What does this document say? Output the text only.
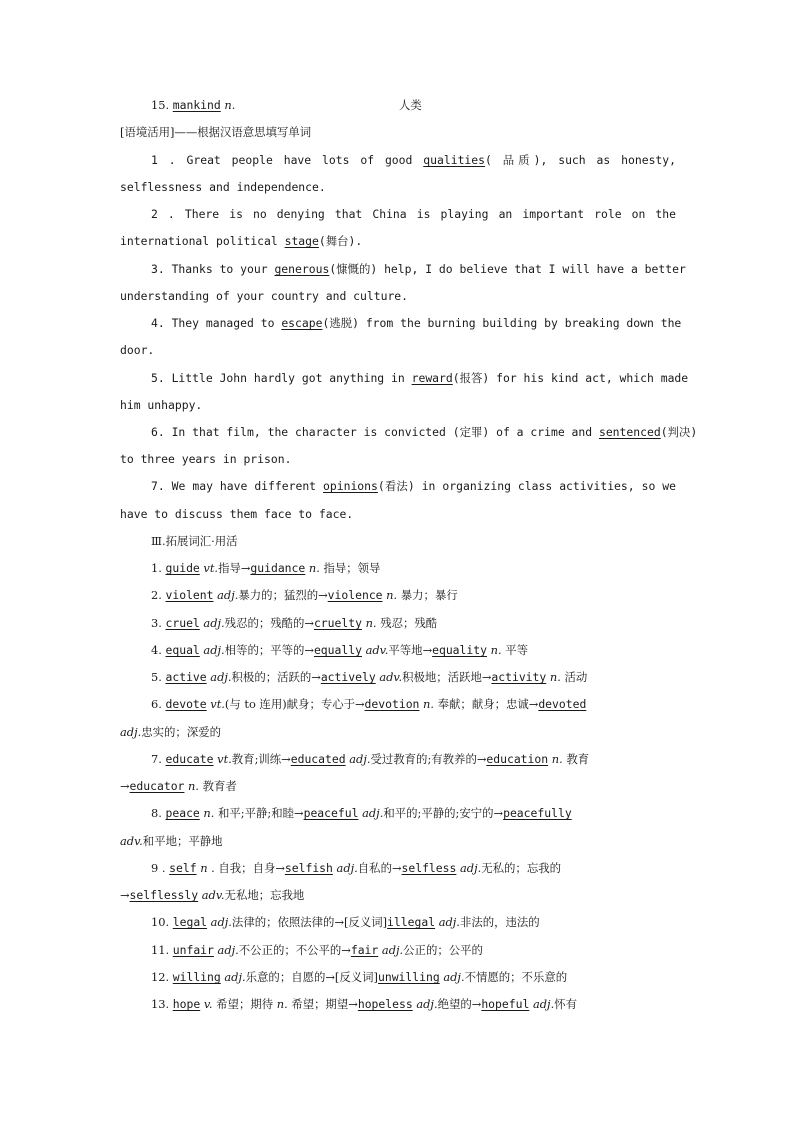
15. mankind n.	人类
[语境活用]——根据汉语意思填写单词
1 . Great people have lots of good qualities( 品质), such as honesty,
selflessness and independence.
2 . There is no denying that China is playing an important role on the
international political stage(舞台).
3. Thanks to your generous(慷慨的) help, I do believe that I will have a better
understanding of your country and culture.
4. They managed to escape(逃脱) from the burning building by breaking down the
door.
5. Little John hardly got anything in reward(报答) for his kind act, which made
him unhappy.
6. In that film, the character is convicted (定罪) of a crime and sentenced(判决)
to three years in prison.
7. We may have different opinions(看法) in organizing class activities, so we
have to discuss them face to face.
Ⅲ.拓展词汇·用活
1. guide vt.指导→guidance n. 指导；领导
2. violent adj.暴力的；猛烈的→violence n. 暴力；暴行
3. cruel adj.残忍的；残酷的→cruelty n. 残忍；残酷
4. equal adj.相等的；平等的→equally adv.平等地→equality n. 平等
5. active adj.积极的；活跃的→actively adv.积极地；活跃地→activity n. 活动
6. devote vt.(与 to 连用)献身；专心于→devotion n. 奉献；献身；忠诚→devoted
adj.忠实的；深爱的
7. educate vt.教育;训练→educated adj.受过教育的;有教养的→education n. 教育
→educator n. 教育者
8. peace n. 和平;平静;和睦→peaceful adj.和平的;平静的;安宁的→peacefully
adv.和平地；平静地
9 . self n . 自我；自身→selfish adj.自私的→selfless adj.无私的；忘我的
→selflessly adv.无私地；忘我地
10. legal adj.法律的；依照法律的→[反义词]illegal adj.非法的，违法的
11. unfair adj.不公正的；不公平的→fair adj.公正的；公平的
12. willing adj.乐意的；自愿的→[反义词]unwilling adj.不情愿的；不乐意的
13. hope v. 希望；期待 n. 希望；期望→hopeless adj.绝望的→hopeful adj.怀有
